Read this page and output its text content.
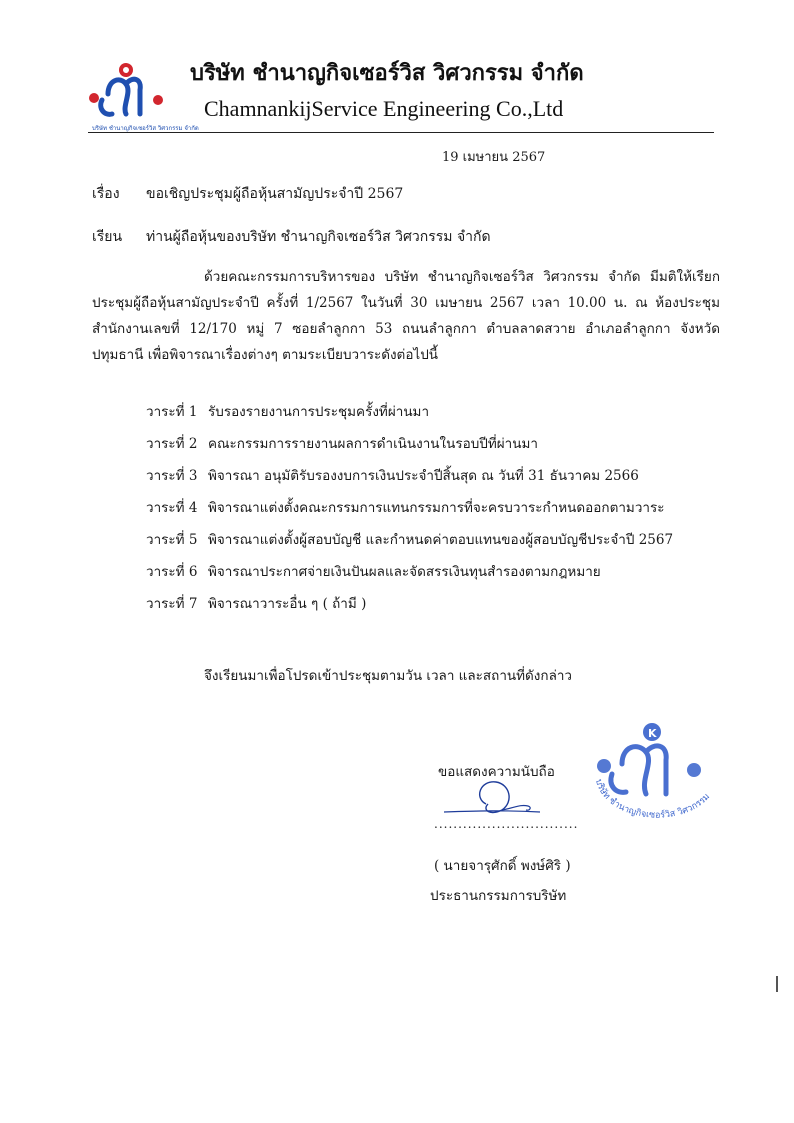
บริษัท ชำนาญกิจเซอร์วิส วิศวกรรม จำกัด
บริษัท ชำนาญกิจเซอร์วิส วิศวกรรม จำกัด
ChamnankijService Engineering Co.,Ltd
19 เมษายน 2567
เรื่อง ขอเชิญประชุมผู้ถือหุ้นสามัญประจำปี 2567
เรียน ท่านผู้ถือหุ้นของบริษัท ชำนาญกิจเซอร์วิส วิศวกรรม จำกัด

ด้วยคณะกรรมการบริหารของ บริษัท ชำนาญกิจเซอร์วิส วิศวกรรม จำกัด มีมติให้เรียก ประชุมผู้ถือหุ้นสามัญประจำปี ครั้งที่ 1/2567 ในวันที่ 30 เมษายน 2567 เวลา 10.00 น. ณ ห้องประชุม สำนักงานเลขที่ 12/170 หมู่ 7 ซอยลำลูกกา 53 ถนนลำลูกกา ตำบลลาดสวาย อำเภอลำลูกกา จังหวัด ปทุมธานี เพื่อพิจารณาเรื่องต่างๆ ตามระเบียบวาระดังต่อไปนี้

วาระที่ 1 รับรองรายงานการประชุมครั้งที่ผ่านมา
วาระที่ 2 คณะกรรมการรายงานผลการดำเนินงานในรอบปีที่ผ่านมา
วาระที่ 3 พิจารณา อนุมัติรับรองงบการเงินประจำปีสิ้นสุด ณ วันที่ 31 ธันวาคม 2566
วาระที่ 4 พิจารณาแต่งตั้งคณะกรรมการแทนกรรมการที่จะครบวาระกำหนดออกตามวาระ
วาระที่ 5 พิจารณาแต่งตั้งผู้สอบบัญชี และกำหนดค่าตอบแทนของผู้สอบบัญชีประจำปี 2567
วาระที่ 6 พิจารณาประกาศจ่ายเงินปันผลและจัดสรรเงินทุนสำรองตามกฎหมาย
วาระที่ 7 พิจารณาวาระอื่น ๆ ( ถ้ามี )
จึงเรียนมาเพื่อโปรดเข้าประชุมตามวัน เวลา และสถานที่ดังกล่าว
ขอแสดงความนับถือ
..............................
( นายจารุศักดิ์ พงษ์ศิริ )
ประธานกรรมการบริษัท
K
บริษัท ชำนาญกิจเซอร์วิส วิศวกรรม
